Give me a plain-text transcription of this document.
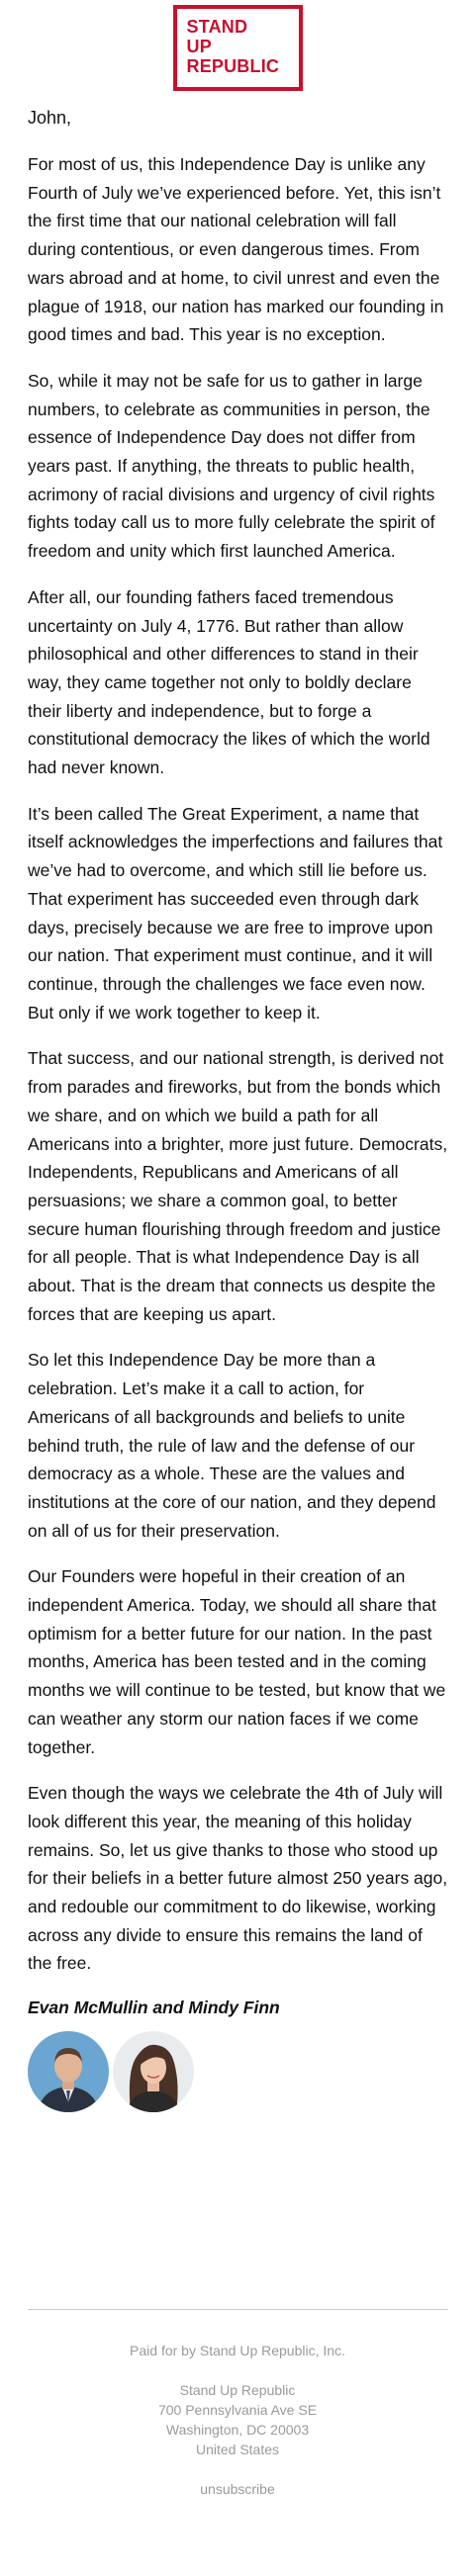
STAND
UP
REPUBLIC

John,

For most of us, this Independence Day is unlike any Fourth of July we’ve experienced before. Yet, this isn’t the first time that our national celebration will fall during contentious, or even dangerous times. From wars abroad and at home, to civil unrest and even the plague of 1918, our nation has marked our founding in good times and bad. This year is no exception.

So, while it may not be safe for us to gather in large numbers, to celebrate as communities in person, the essence of Independence Day does not differ from years past. If anything, the threats to public health, acrimony of racial divisions and urgency of civil rights fights today call us to more fully celebrate the spirit of freedom and unity which first launched America.

After all, our founding fathers faced tremendous uncertainty on July 4, 1776. But rather than allow philosophical and other differences to stand in their way, they came together not only to boldly declare their liberty and independence, but to forge a constitutional democracy the likes of which the world had never known.

It’s been called The Great Experiment, a name that itself acknowledges the imperfections and failures that we’ve had to overcome, and which still lie before us. That experiment has succeeded even through dark days, precisely because we are free to improve upon our nation. That experiment must continue, and it will continue, through the challenges we face even now. But only if we work together to keep it.

That success, and our national strength, is derived not from parades and fireworks, but from the bonds which we share, and on which we build a path for all Americans into a brighter, more just future. Democrats, Independents, Republicans and Americans of all persuasions; we share a common goal, to better secure human flourishing through freedom and justice for all people. That is what Independence Day is all about. That is the dream that connects us despite the forces that are keeping us apart.

So let this Independence Day be more than a celebration. Let’s make it a call to action, for Americans of all backgrounds and beliefs to unite behind truth, the rule of law and the defense of our democracy as a whole. These are the values and institutions at the core of our nation, and they depend on all of us for their preservation.

Our Founders were hopeful in their creation of an independent America. Today, we should all share that optimism for a better future for our nation. In the past months, America has been tested and in the coming months we will continue to be tested, but know that we can weather any storm our nation faces if we come together.

Even though the ways we celebrate the 4th of July will look different this year, the meaning of this holiday remains. So, let us give thanks to those who stood up for their beliefs in a better future almost 250 years ago, and redouble our commitment to do likewise, working across any divide to ensure this remains the land of the free.

Evan McMullin and Mindy Finn

Paid for by Stand Up Republic, Inc.
Stand Up Republic
700 Pennsylvania Ave SE
Washington, DC 20003
United States
unsubscribe
